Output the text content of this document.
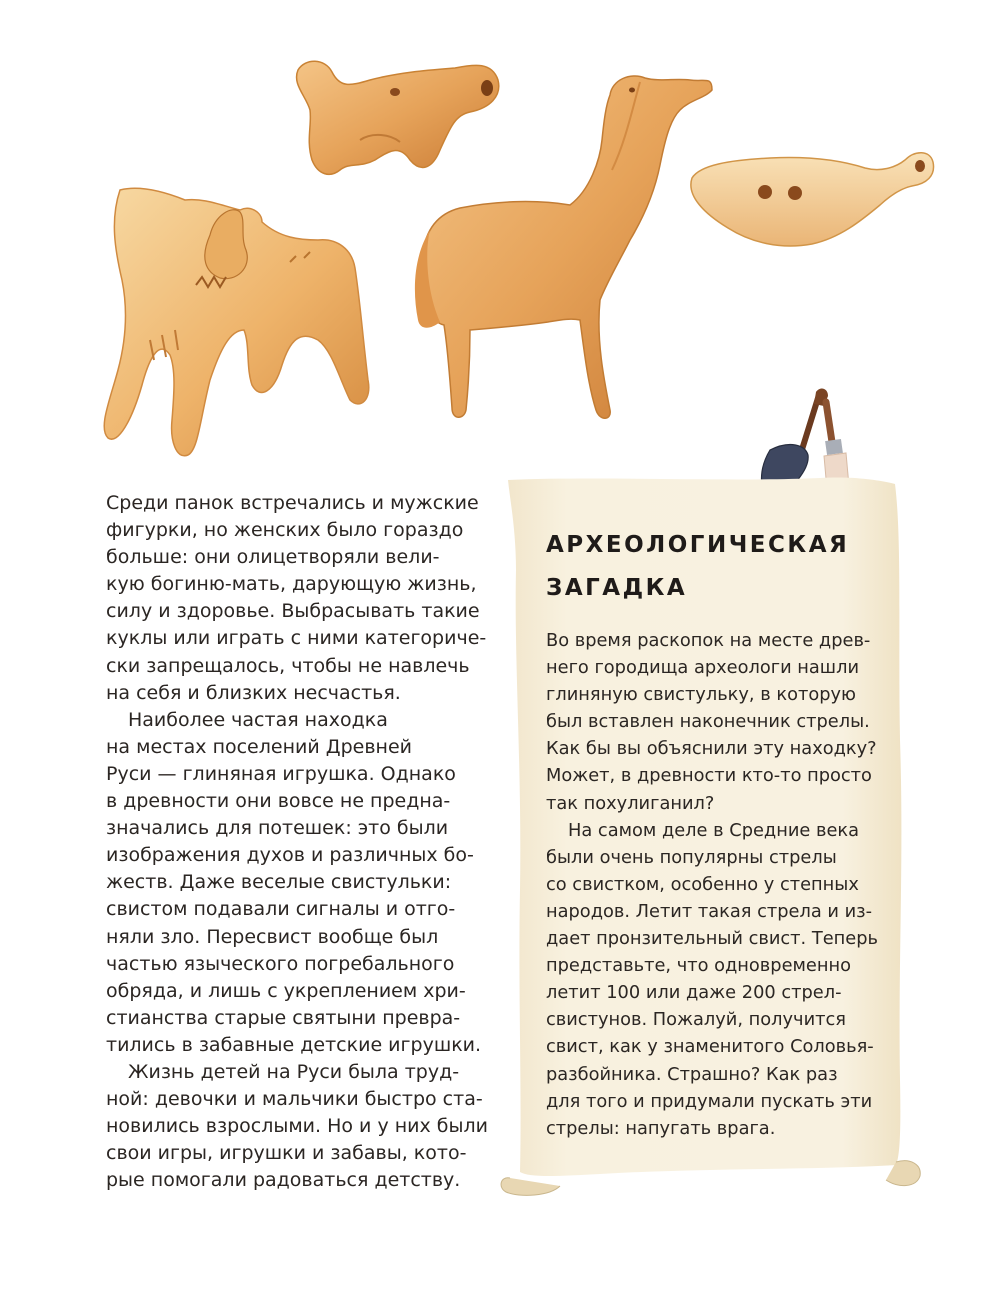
Среди панок встречались и мужские
фигурки, но женских было гораздо
больше: они олицетворяли вели-
кую богиню-мать, дарующую жизнь,
силу и здоровье. Выбрасывать такие
куклы или играть с ними категориче-
ски запрещалось, чтобы не навлечь
на себя и близких несчастья.
Наиболее частая находка
на местах поселений Древней
Руси — глиняная игрушка. Однако
в древности они вовсе не предна-
значались для потешек: это были
изображения духов и различных бо-
жеств. Даже веселые свистульки:
свистом подавали сигналы и отго-
няли зло. Пересвист вообще был
частью языческого погребального
обряда, и лишь с укреплением хри-
стианства старые святыни превра-
тились в забавные детские игрушки.
Жизнь детей на Руси была труд-
ной: девочки и мальчики быстро ста-
новились взрослыми. Но и у них были
свои игры, игрушки и забавы, кото-
рые помогали радоваться детству.
АРХЕОЛОГИЧЕСКАЯ
ЗАГАДКА
Во время раскопок на месте древ-
него городища археологи нашли
глиняную свистульку, в которую
был вставлен наконечник стрелы.
Как бы вы объяснили эту находку?
Может, в древности кто-то просто
так похулиганил?
На самом деле в Средние века
были очень популярны стрелы
со свистком, особенно у степных
народов. Летит такая стрела и из-
дает пронзительный свист. Теперь
представьте, что одновременно
летит 100 или даже 200 стрел-
свистунов. Пожалуй, получится
свист, как у знаменитого Соловья-
разбойника. Страшно? Как раз
для того и придумали пускать эти
стрелы: напугать врага.
